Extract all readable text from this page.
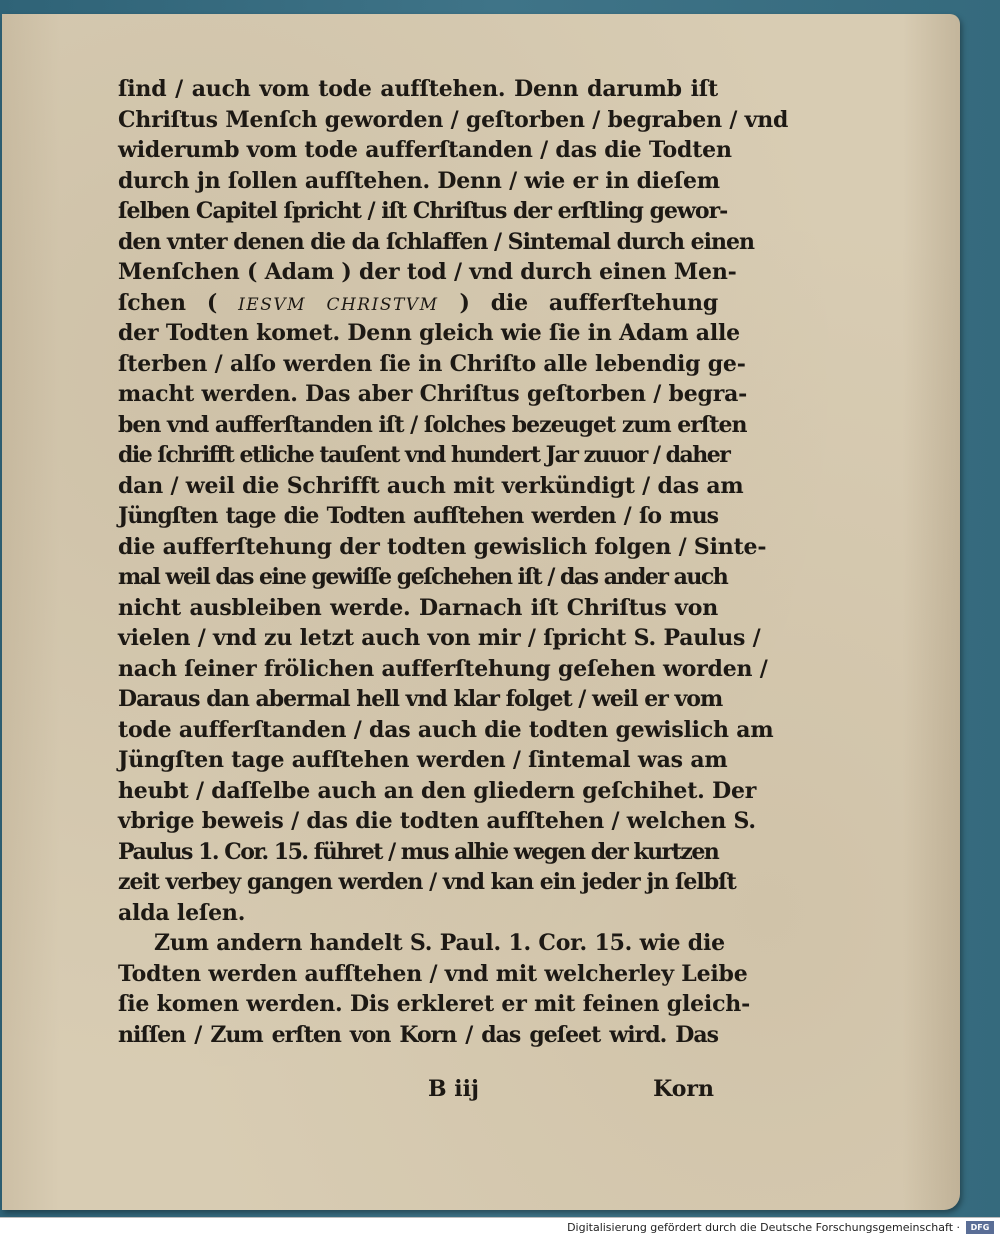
ſind / auch vom tode aufſtehen. Denn darumb iſt
Chriſtus Menſch geworden / geſtorben / begraben / vnd
widerumb vom tode aufferſtanden / das die Todten
durch jn ſollen aufſtehen. Denn / wie er in dieſem
ſelben Capitel ſpricht / iſt Chriſtus der erſtling gewor-
den vnter denen die da ſchlaffen / Sintemal durch einen
Menſchen ( Adam ) der tod / vnd durch einen Men-
ſchen ( IESVM CHRISTVM ) die aufferſtehung
der Todten komet. Denn gleich wie ſie in Adam alle
ſterben / alſo werden ſie in Chriſto alle lebendig ge-
macht werden. Das aber Chriſtus geſtorben / begra-
ben vnd aufferſtanden iſt / ſolches bezeuget zum erſten
die ſchrifft etliche tauſent vnd hundert Jar zuuor / daher
dan / weil die Schrifft auch mit verkündigt / das am
Jüngſten tage die Todten aufſtehen werden / ſo mus
die aufferſtehung der todten gewislich folgen / Sinte-
mal weil das eine gewiſſe geſchehen iſt / das ander auch
nicht ausbleiben werde. Darnach iſt Chriſtus von
vielen / vnd zu letzt auch von mir / ſpricht S. Paulus /
nach ſeiner frölichen aufferſtehung geſehen worden /
Daraus dan abermal hell vnd klar folget / weil er vom
tode aufferſtanden / das auch die todten gewislich am
Jüngſten tage aufſtehen werden / ſintemal was am
heubt / daſſelbe auch an den gliedern geſchihet. Der
vbrige beweis / das die todten aufſtehen / welchen S.
Paulus 1. Cor. 15. führet / mus alhie wegen der kurtzen
zeit verbey gangen werden / vnd kan ein jeder jn ſelbſt
alda leſen.
Zum andern handelt S. Paul. 1. Cor. 15. wie die
Todten werden aufſtehen / vnd mit welcherley Leibe
ſie komen werden. Dis erkleret er mit feinen gleich-
niſſen / Zum erſten von Korn / das geſeet wird. Das
B iij	Korn
Digitalisierung gefördert durch die Deutsche Forschungsgemeinschaft ·	DFG
